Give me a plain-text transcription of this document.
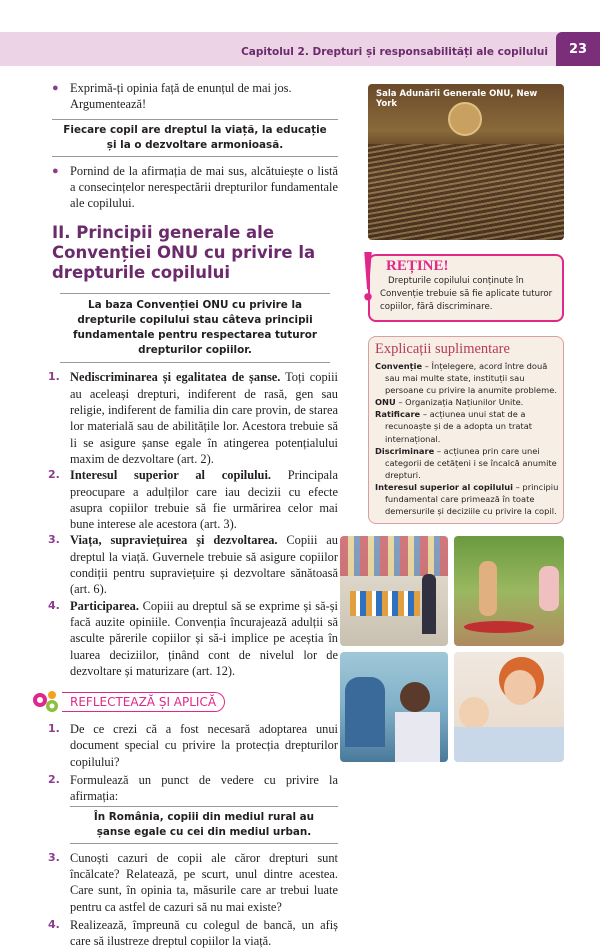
Capitolul 2. Drepturi și responsabilități ale copilului	23
● Exprimă-ți opinia față de enunțul de mai jos. Argumentează!
Fiecare copil are dreptul la viață, la educație și la o dezvoltare armonioasă.
● Pornind de la afirmația de mai sus, alcătuiește o listă a consecințelor nerespectării drepturilor fundamentale ale copilului.
II. Principii generale ale Convenției ONU cu privire la drepturile copilului
La baza Convenției ONU cu privire la drepturile copilului stau câteva principii fundamentale pentru respectarea tuturor drepturilor copiilor.
1. Nediscriminarea și egalitatea de șanse. Toți copiii au aceleași drepturi, indiferent de rasă, gen sau religie, indiferent de familia din care provin, de starea lor materială sau de abilitățile lor. Acestora trebuie să li se asigure șanse egale în atingerea potențialului maxim de dezvoltare (art. 2).
2. Interesul superior al copilului. Principala preocupare a adulților care iau decizii cu efecte asupra copiilor trebuie să fie urmărirea celor mai bune interese ale acestora (art. 3).
3. Viața, supraviețuirea și dezvoltarea. Copiii au dreptul la viață. Guvernele trebuie să asigure copiilor condiții pentru supraviețuire și dezvoltare sănătoasă (art. 6).
4. Participarea. Copiii au dreptul să se exprime și să-și facă auzite opiniile. Convenția încurajează adulții să asculte părerile copiilor și să-i implice pe aceștia în luarea deciziilor, ținând cont de nivelul lor de dezvoltare și maturizare (art. 12).
REFLECTEAZĂ ȘI APLICĂ
1. De ce crezi că a fost necesară adoptarea unui document special cu privire la protecția drepturilor copilului?
2. Formulează un punct de vedere cu privire la afirmația:
În România, copiii din mediul rural au șanse egale cu cei din mediul urban.
3. Cunoști cazuri de copii ale căror drepturi sunt încălcate? Relatează, pe scurt, unul dintre acestea. Care sunt, în opinia ta, măsurile care ar trebui luate pentru ca astfel de cazuri să nu mai existe?
4. Realizează, împreună cu colegul de bancă, un afiș care să ilustreze dreptul copiilor la viață.
Sala Adunării Generale ONU, New York
REȚINE!
Drepturile copilului conținute în Convenție trebuie să fie aplicate tuturor copiilor, fără discriminare.
Explicații suplimentare
Convenție – Înțelegere, acord între două sau mai multe state, instituții sau persoane cu privire la anumite probleme.
ONU – Organizația Națiunilor Unite.
Ratificare – acțiunea unui stat de a recunoaște și de a adopta un tratat internațional.
Discriminare – acțiunea prin care unei categorii de cetățeni i se încalcă anumite drepturi.
Interesul superior al copilului – principiu fundamental care primează în toate demersurile și deciziile cu privire la copil.
